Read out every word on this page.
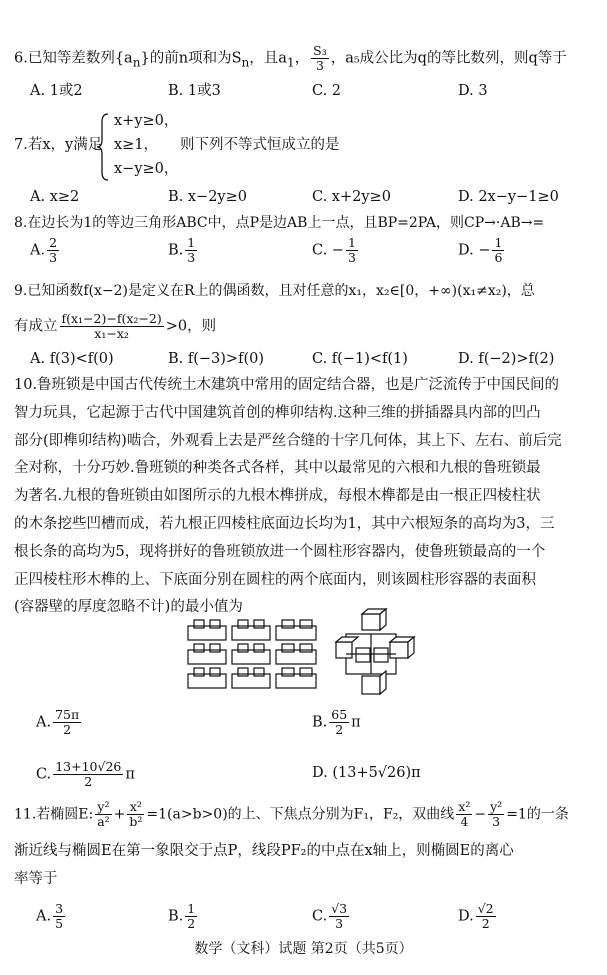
6.已知等差数列$\{a_n\}$的前n项和为$S_n$，且$a_1$， $\frac{\text{S₃}}{3}$ ，a₅成公比为q的等比数列，则q等于
A. 1或2	B. 1或3	C. 2	D. 3
7.若x，y满足
x+y≥0，
x≥1，
x−y≥0，
则下列不等式恒成立的是
A. x≥2	B. x−2y≥0	C. x+2y≥0	D. 2x−y−1≥0
8.在边长为1的等边三角形ABC中，点P是边AB上一点，且BP=2PA，则CP→·AB→=
A. $\frac{2}{3}$	B. $\frac{1}{3}$	C. − $\frac{1}{3}$	D. − $\frac{1}{6}$
9.已知函数f(x−2)是定义在R上的偶函数，且对任意的x₁，x₂∈[0，+∞)(x₁≠x₂)，总
有成立 $\frac{\text{f(x₁−2)−f(x₂−2)}}{\text{x₁−x₂}} >0$，则
A. f(3)<f(0)	B. f(−3)>f(0)	C. f(−1)<f(1)	D. f(−2)>f(2)
10.鲁班锁是中国古代传统土木建筑中常用的固定结合器，也是广泛流传于中国民间的
智力玩具，它起源于古代中国建筑首创的榫卯结构.这种三维的拼插器具内部的凹凸
部分(即榫卯结构)啮合，外观看上去是严丝合缝的十字几何体，其上下、左右、前后完
全对称，十分巧妙.鲁班锁的种类各式各样，其中以最常见的六根和九根的鲁班锁最
为著名.九根的鲁班锁由如图所示的九根木榫拼成，每根木榫都是由一根正四棱柱状
的木条挖些凹槽而成，若九根正四棱柱底面边长均为1，其中六根短条的高均为3，三
根长条的高均为5，现将拼好的鲁班锁放进一个圆柱形容器内，使鲁班锁最高的一个
正四棱柱形木榫的上、下底面分别在圆柱的两个底面内，则该圆柱形容器的表面积
(容器壁的厚度忽略不计)的最小值为
A. $\frac{75\pi}{2}$	B. $\frac{65}{2}$ π
C. $\frac{13+10√26}{2}$ π	D. (13+5√26)π
11.若椭圆E: $\frac{\text{y²}}{\text{a²}} + \frac{\text{x²}}{\text{b²}} =1(a>b>0)$的上、下焦点分别为F₁，F₂，双曲线 $\frac{\text{x²}}{4} - \frac{\text{y²}}{3} =1$的一条
渐近线与椭圆E在第一象限交于点P，线段PF₂的中点在x轴上，则椭圆E的离心
率等于
A. $\frac{3}{5}$	B. $\frac{1}{2}$	C. $\frac{√3}{3}$	D. $\frac{√2}{2}$
数学（文科）试题 第2页（共5页）
